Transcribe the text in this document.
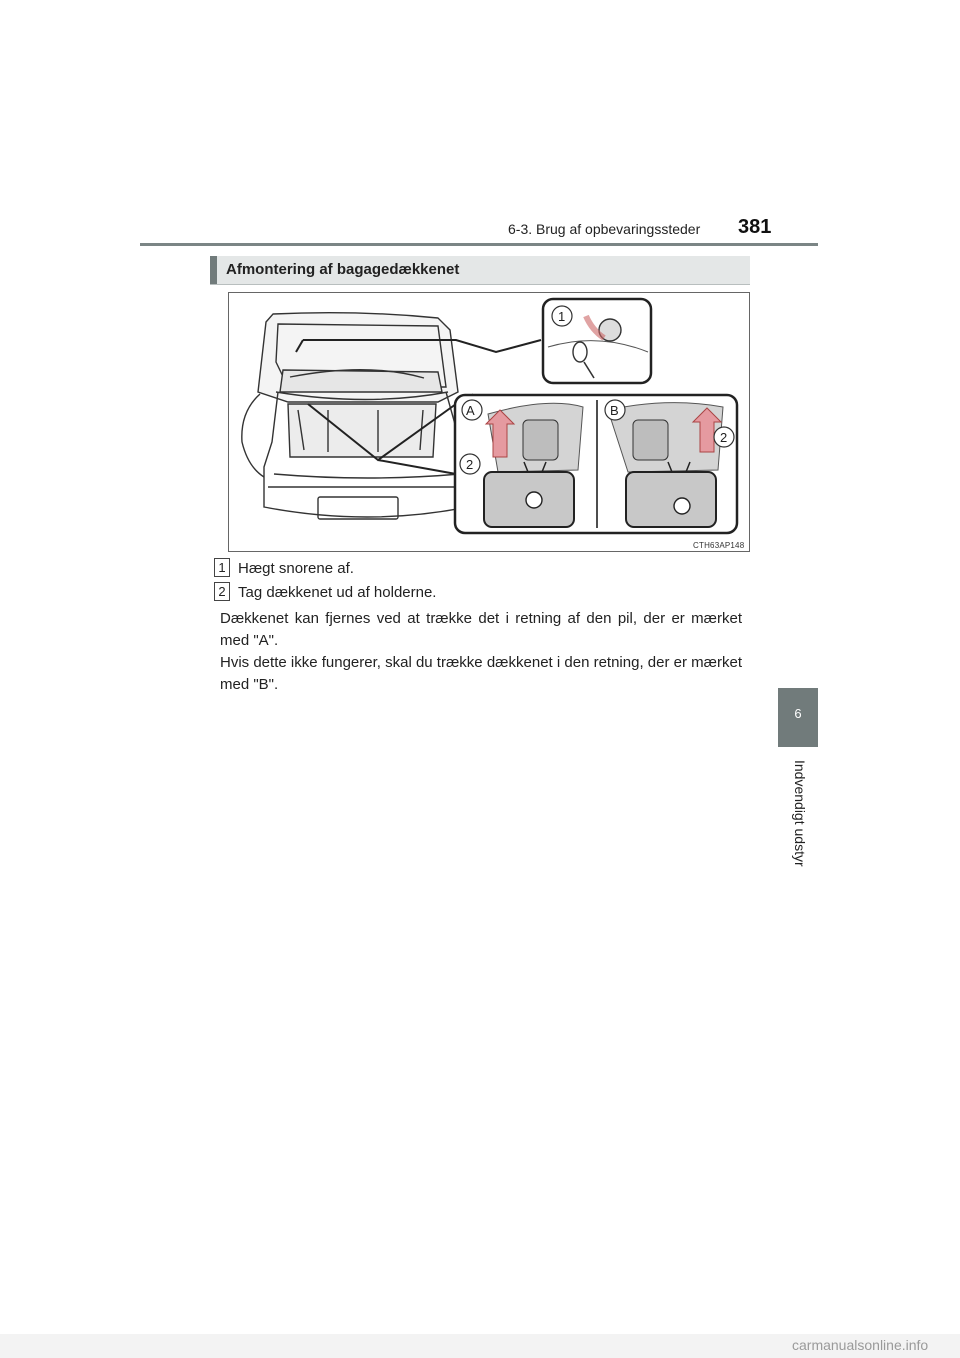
6-3. Brug af opbevaringssteder 381
6
Indvendigt udstyr
Afmontering af bagagedækkenet
1
A	B
2
2
CTH63AP148
1 Hægt snorene af.
2 Tag dækkenet ud af holderne.
Dækkenet kan fjernes ved at trække det i retning af den pil, der er mærket med "A".
Hvis dette ikke fungerer, skal du trække dækkenet i den retning, der er mærket med "B".
carmanualsonline.info
